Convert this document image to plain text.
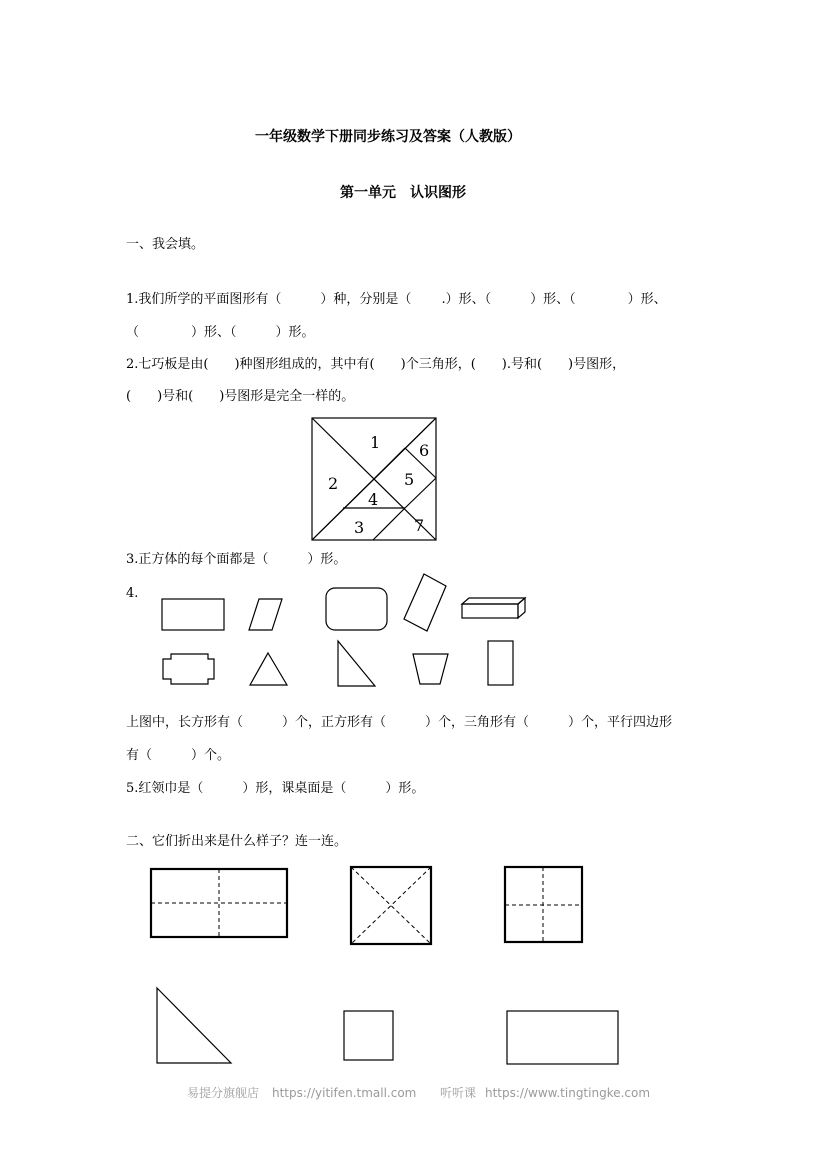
一年级数学下册同步练习及答案（人教版）
第一单元　认识图形
一、我会填。
1.我们所学的平面图形有（　　　）种，分别是（　　 .）形、（　　　）形、（　　　　）形、
（　　　　）形、（　　　）形。
2.七巧板是由(　　)种图形组成的，其中有(　　)个三角形，(　　).号和(　　)号图形，
(　　)号和(　　)号图形是完全一样的。
1
2
3
4
5
6
7
3.正方体的每个面都是（　　　）形。
4.
上图中，长方形有（　　　）个，正方形有（　　　）个，三角形有（　　　）个，平行四边形
有（　　　）个。
5.红领巾是（　　　）形，课桌面是（　　　）形。
二、它们折出来是什么样子？连一连。
易提分旗舰店 https://yitifen.tmall.com 听听课 https://www.tingtingke.com
